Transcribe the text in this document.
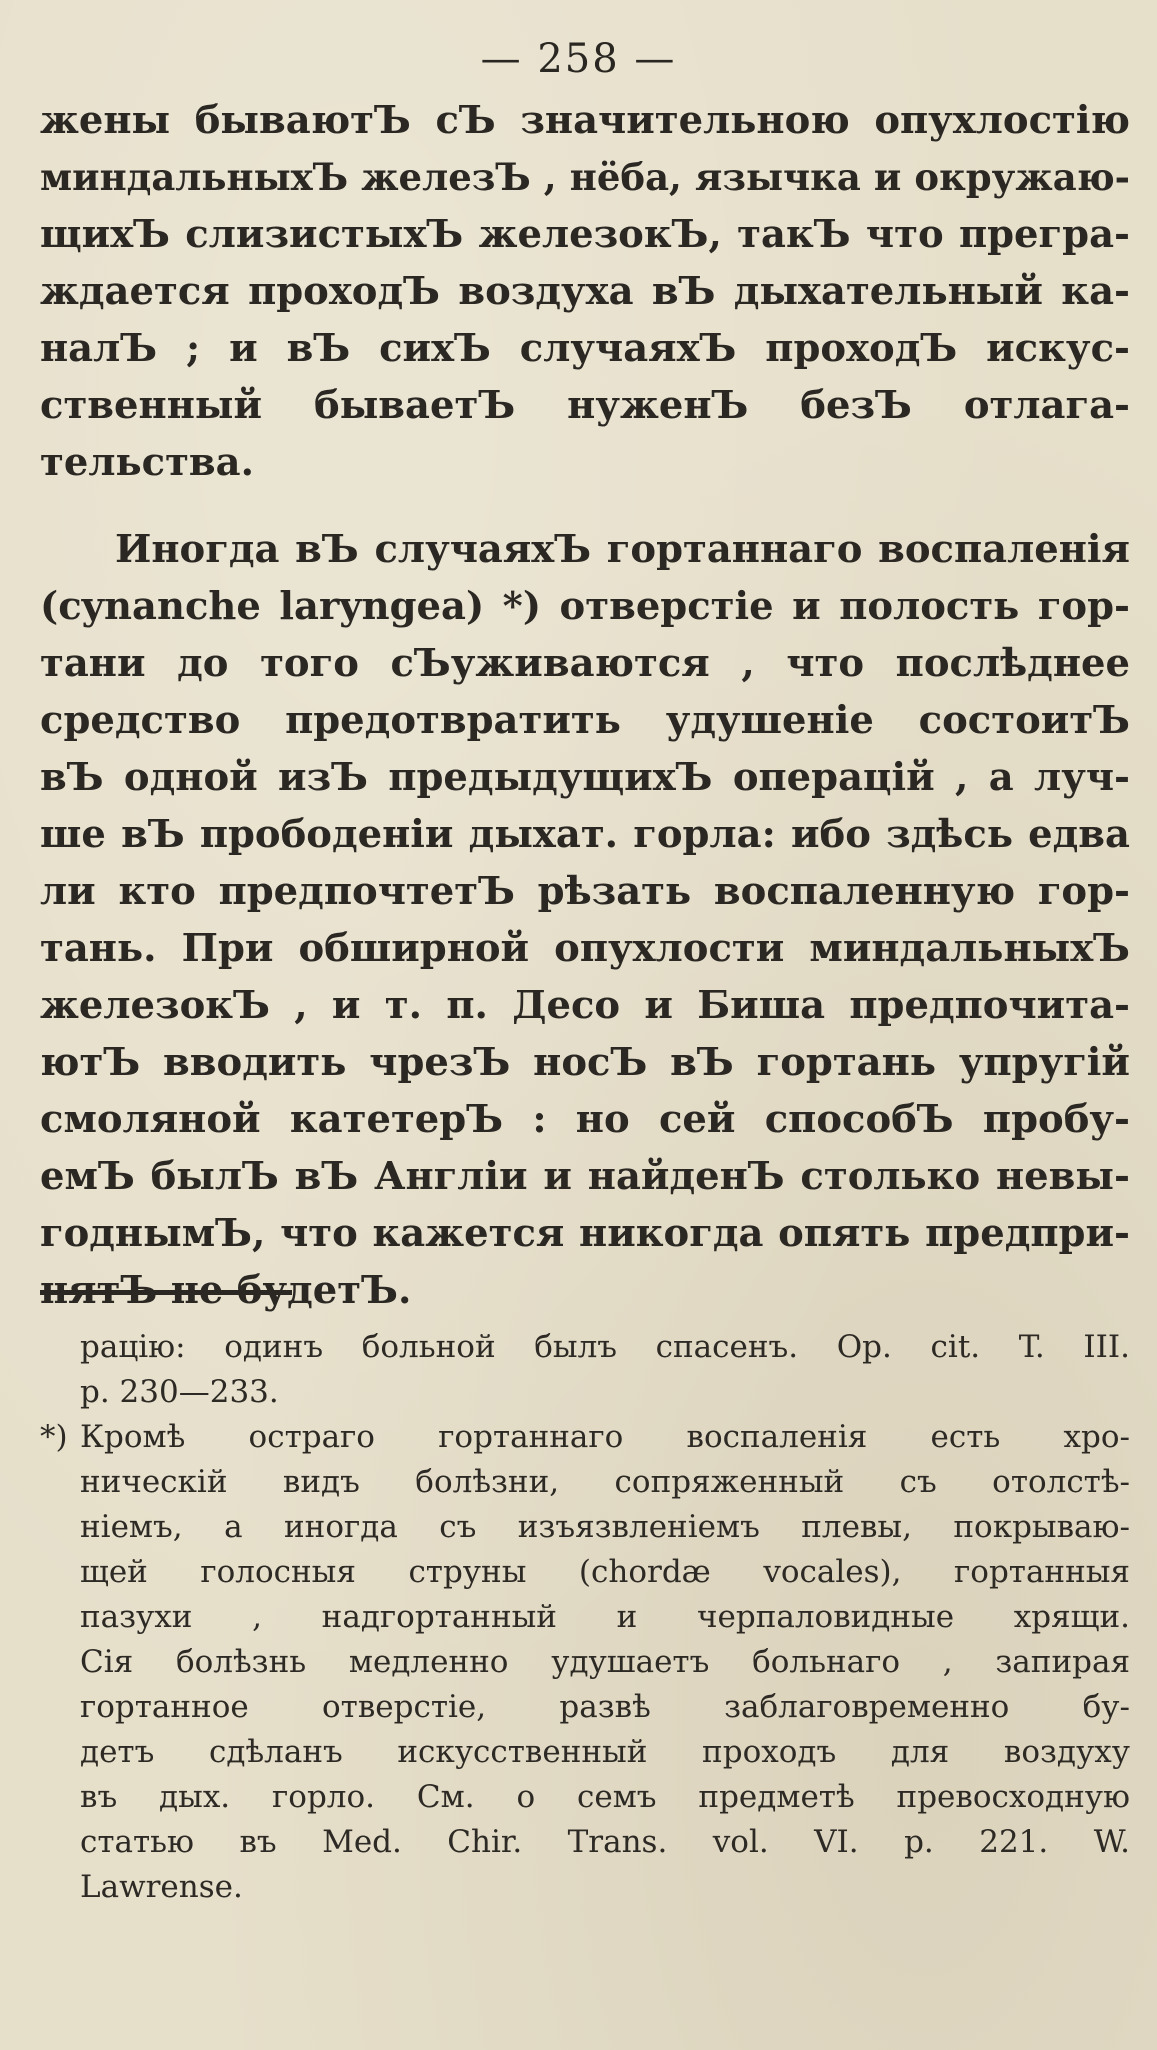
— 258 —
жены бываютЪ сЪ значительною опухлостію
миндальныхЪ железЪ , нёба, язычка и окружаю-
щихЪ слизистыхЪ железокЪ, такЪ что прегра-
ждается проходЪ воздуха вЪ дыхательный ка-
налЪ ; и вЪ сихЪ случаяхЪ проходЪ искус-
ственный бываетЪ нуженЪ безЪ отлага-
тельства.
Иногда вЪ случаяхЪ гортаннаго воспаленія
(cynanche laryngea) *) отверстіе и полость гор-
тани до того сЪуживаются , что послѣднее
средство предотвратить удушеніе состоитЪ
вЪ одной изЪ предыдущихЪ операцій , а луч-
ше вЪ прободеніи дыхат. горла: ибо здѣсь едва
ли кто предпочтетЪ рѣзать воспаленную гор-
тань. При обширной опухлости миндальныхЪ
железокЪ , и т. п. Десо и Биша предпочита-
ютЪ вводить чрезЪ носЪ вЪ гортань упругій
смоляной катетерЪ : но сей способЪ пробу-
емЪ былЪ вЪ Англіи и найденЪ столько невы-
годнымЪ, что кажется никогда опять предпри-
нятЪ не будетЪ.
рацію: одинъ больной былъ спасенъ. Op. cit. T. III.
p. 230—233.
*) Кромѣ остраго гортаннаго воспаленія есть хро-
ническій видъ болѣзни, сопряженный съ отолстѣ-
ніемъ, а иногда съ изъязвленіемъ плевы, покрываю-
щей голосныя струны (chordæ vocales), гортанныя
пазухи , надгортанный и черпаловидные хрящи.
Сія болѣзнь медленно удушаетъ больнаго , запирая
гортанное отверстіе, развѣ заблаговременно бу-
детъ сдѣланъ искусственный проходъ для воздуху
въ дых. горло. См. о семъ предметѣ превосходную
статью въ Med. Chir. Trans. vol. VI. p. 221. W.
Lawrense.
